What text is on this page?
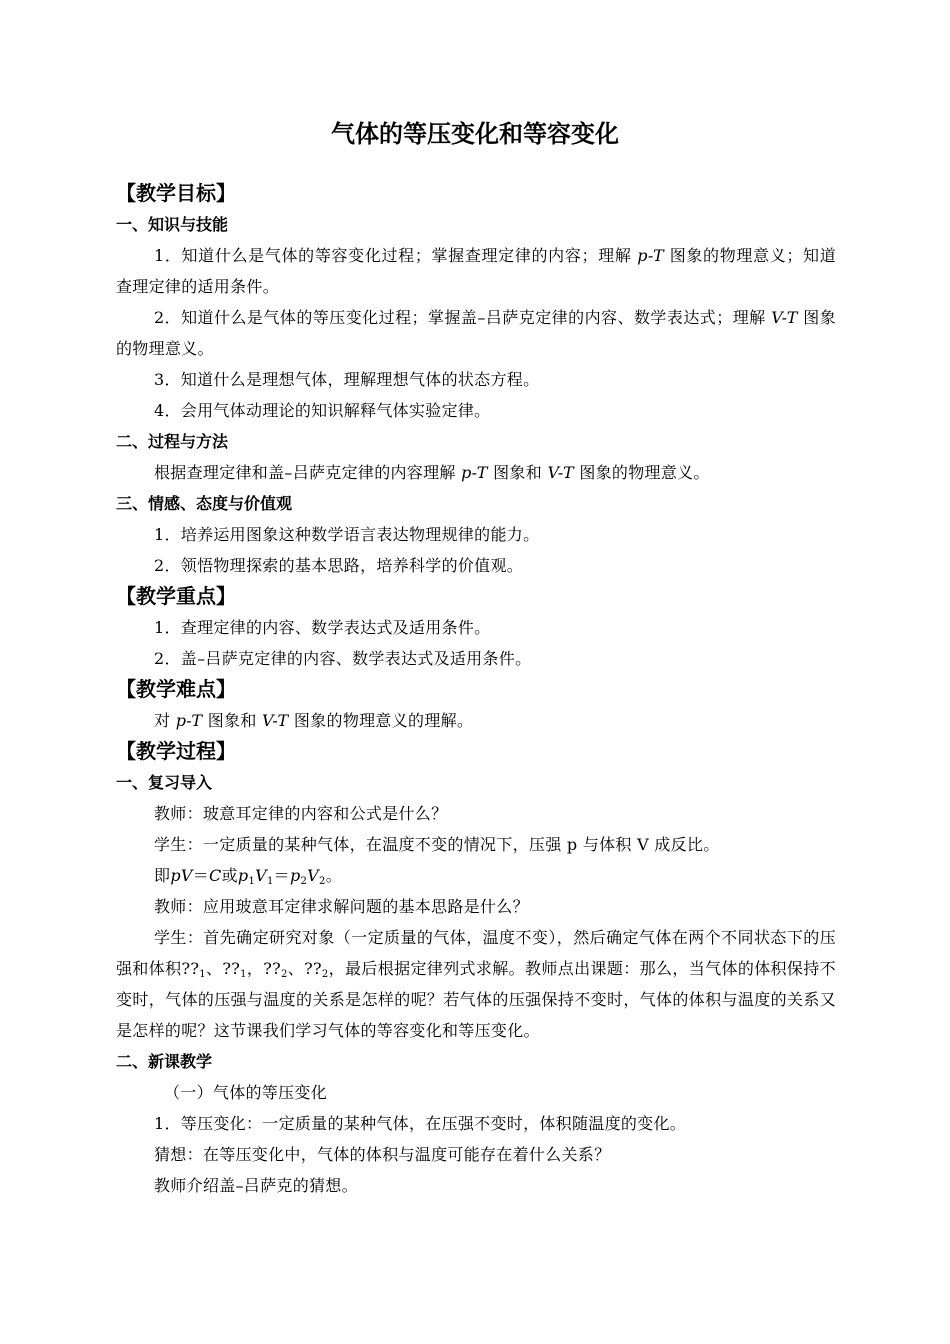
气体的等压变化和等容变化
【教学目标】
一、知识与技能

1．知道什么是气体的等容变化过程；掌握查理定律的内容；理解 p-T 图象的物理意义；知道查理定律的适用条件。

2．知道什么是气体的等压变化过程；掌握盖–吕萨克定律的内容、数学表达式；理解 V-T 图象的物理意义。

3．知道什么是理想气体，理解理想气体的状态方程。

4．会用气体动理论的知识解释气体实验定律。

二、过程与方法

根据查理定律和盖–吕萨克定律的内容理解 p-T 图象和 V-T 图象的物理意义。

三、情感、态度与价值观

1．培养运用图象这种数学语言表达物理规律的能力。

2．领悟物理探索的基本思路，培养科学的价值观。

【教学重点】

1．查理定律的内容、数学表达式及适用条件。

2．盖–吕萨克定律的内容、数学表达式及适用条件。

【教学难点】

对 p-T 图象和 V-T 图象的物理意义的理解。

【教学过程】
一、复习导入

教师：玻意耳定律的内容和公式是什么？

学生：一定质量的某种气体，在温度不变的情况下，压强 p 与体积 V 成反比。

即pV＝C或$p_1V_1=p_2V_2$。

教师：应用玻意耳定律求解问题的基本思路是什么？

学生：首先确定研究对象（一定质量的气体，温度不变），然后确定气体在两个不同状态下的压强和体积$??_1$、$??_1$，$??_2$、$??_2$，最后根据定律列式求解。教师点出课题：那么，当气体的体积保持不变时，气体的压强与温度的关系是怎样的呢？若气体的压强保持不变时，气体的体积与温度的关系又是怎样的呢？这节课我们学习气体的等容变化和等压变化。

二、新课教学

（一）气体的等压变化

1．等压变化：一定质量的某种气体，在压强不变时，体积随温度的变化。

猜想：在等压变化中，气体的体积与温度可能存在着什么关系？

教师介绍盖–吕萨克的猜想。
